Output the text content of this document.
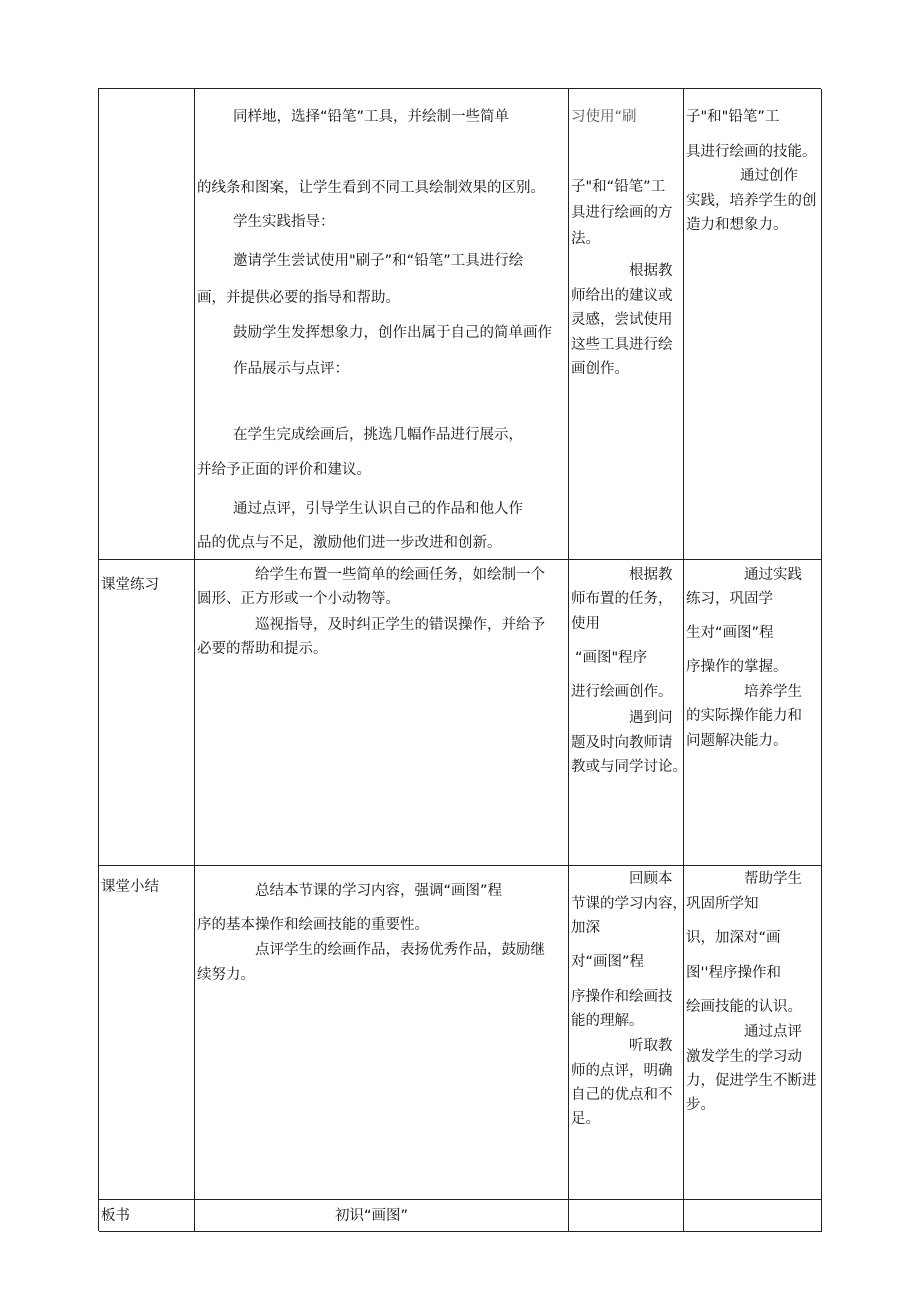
同样地，选择“铅笔”工具，并绘制一些简单
的线条和图案，让学生看到不同工具绘制效果的区别。
学生实践指导：
邀请学生尝试使用"刷子”和“铅笔”工具进行绘
画，并提供必要的指导和帮助。
鼓励学生发挥想象力，创作出属于自己的简单画作
作品展示与点评：
在学生完成绘画后，挑选几幅作品进行展示，
并给予正面的评价和建议。
通过点评，引导学生认识自己的作品和他人作
品的优点与不足，激励他们进一步改进和创新。
习使用“刷
子"和“铅笔”工
具进行绘画的方
法。
根据教
师给出的建议或
灵感，尝试使用
这些工具进行绘
画创作。
子"和"铅笔”工
具进行绘画的技能。
通过创作
实践，培养学生的创
造力和想象力。
课堂练习
给学生布置一些简单的绘画任务，如绘制一个
圆形、正方形或一个小动物等。
巡视指导，及时纠正学生的错误操作，并给予
必要的帮助和提示。
根据教
师布置的任务，
使用
“画图"程序
进行绘画创作。
遇到问
题及时向教师请
教或与同学讨论。
通过实践
练习，巩固学
生对“画图”程
序操作的掌握。
培养学生
的实际操作能力和
问题解决能力。
课堂小结	总结本节课的学习内容，强调“画图”程
序的基本操作和绘画技能的重要性。
点评学生的绘画作品，表扬优秀作品，鼓励继
续努力。
回顾本
节课的学习内容，
加深
对“画图”程
序操作和绘画技
能的理解。
听取教
师的点评，明确
自己的优点和不
足。
帮助学生
巩固所学知
识，加深对“画
图''程序操作和
绘画技能的认识。
通过点评
激发学生的学习动
力，促进学生不断进
步。
板书	初识“画图”
